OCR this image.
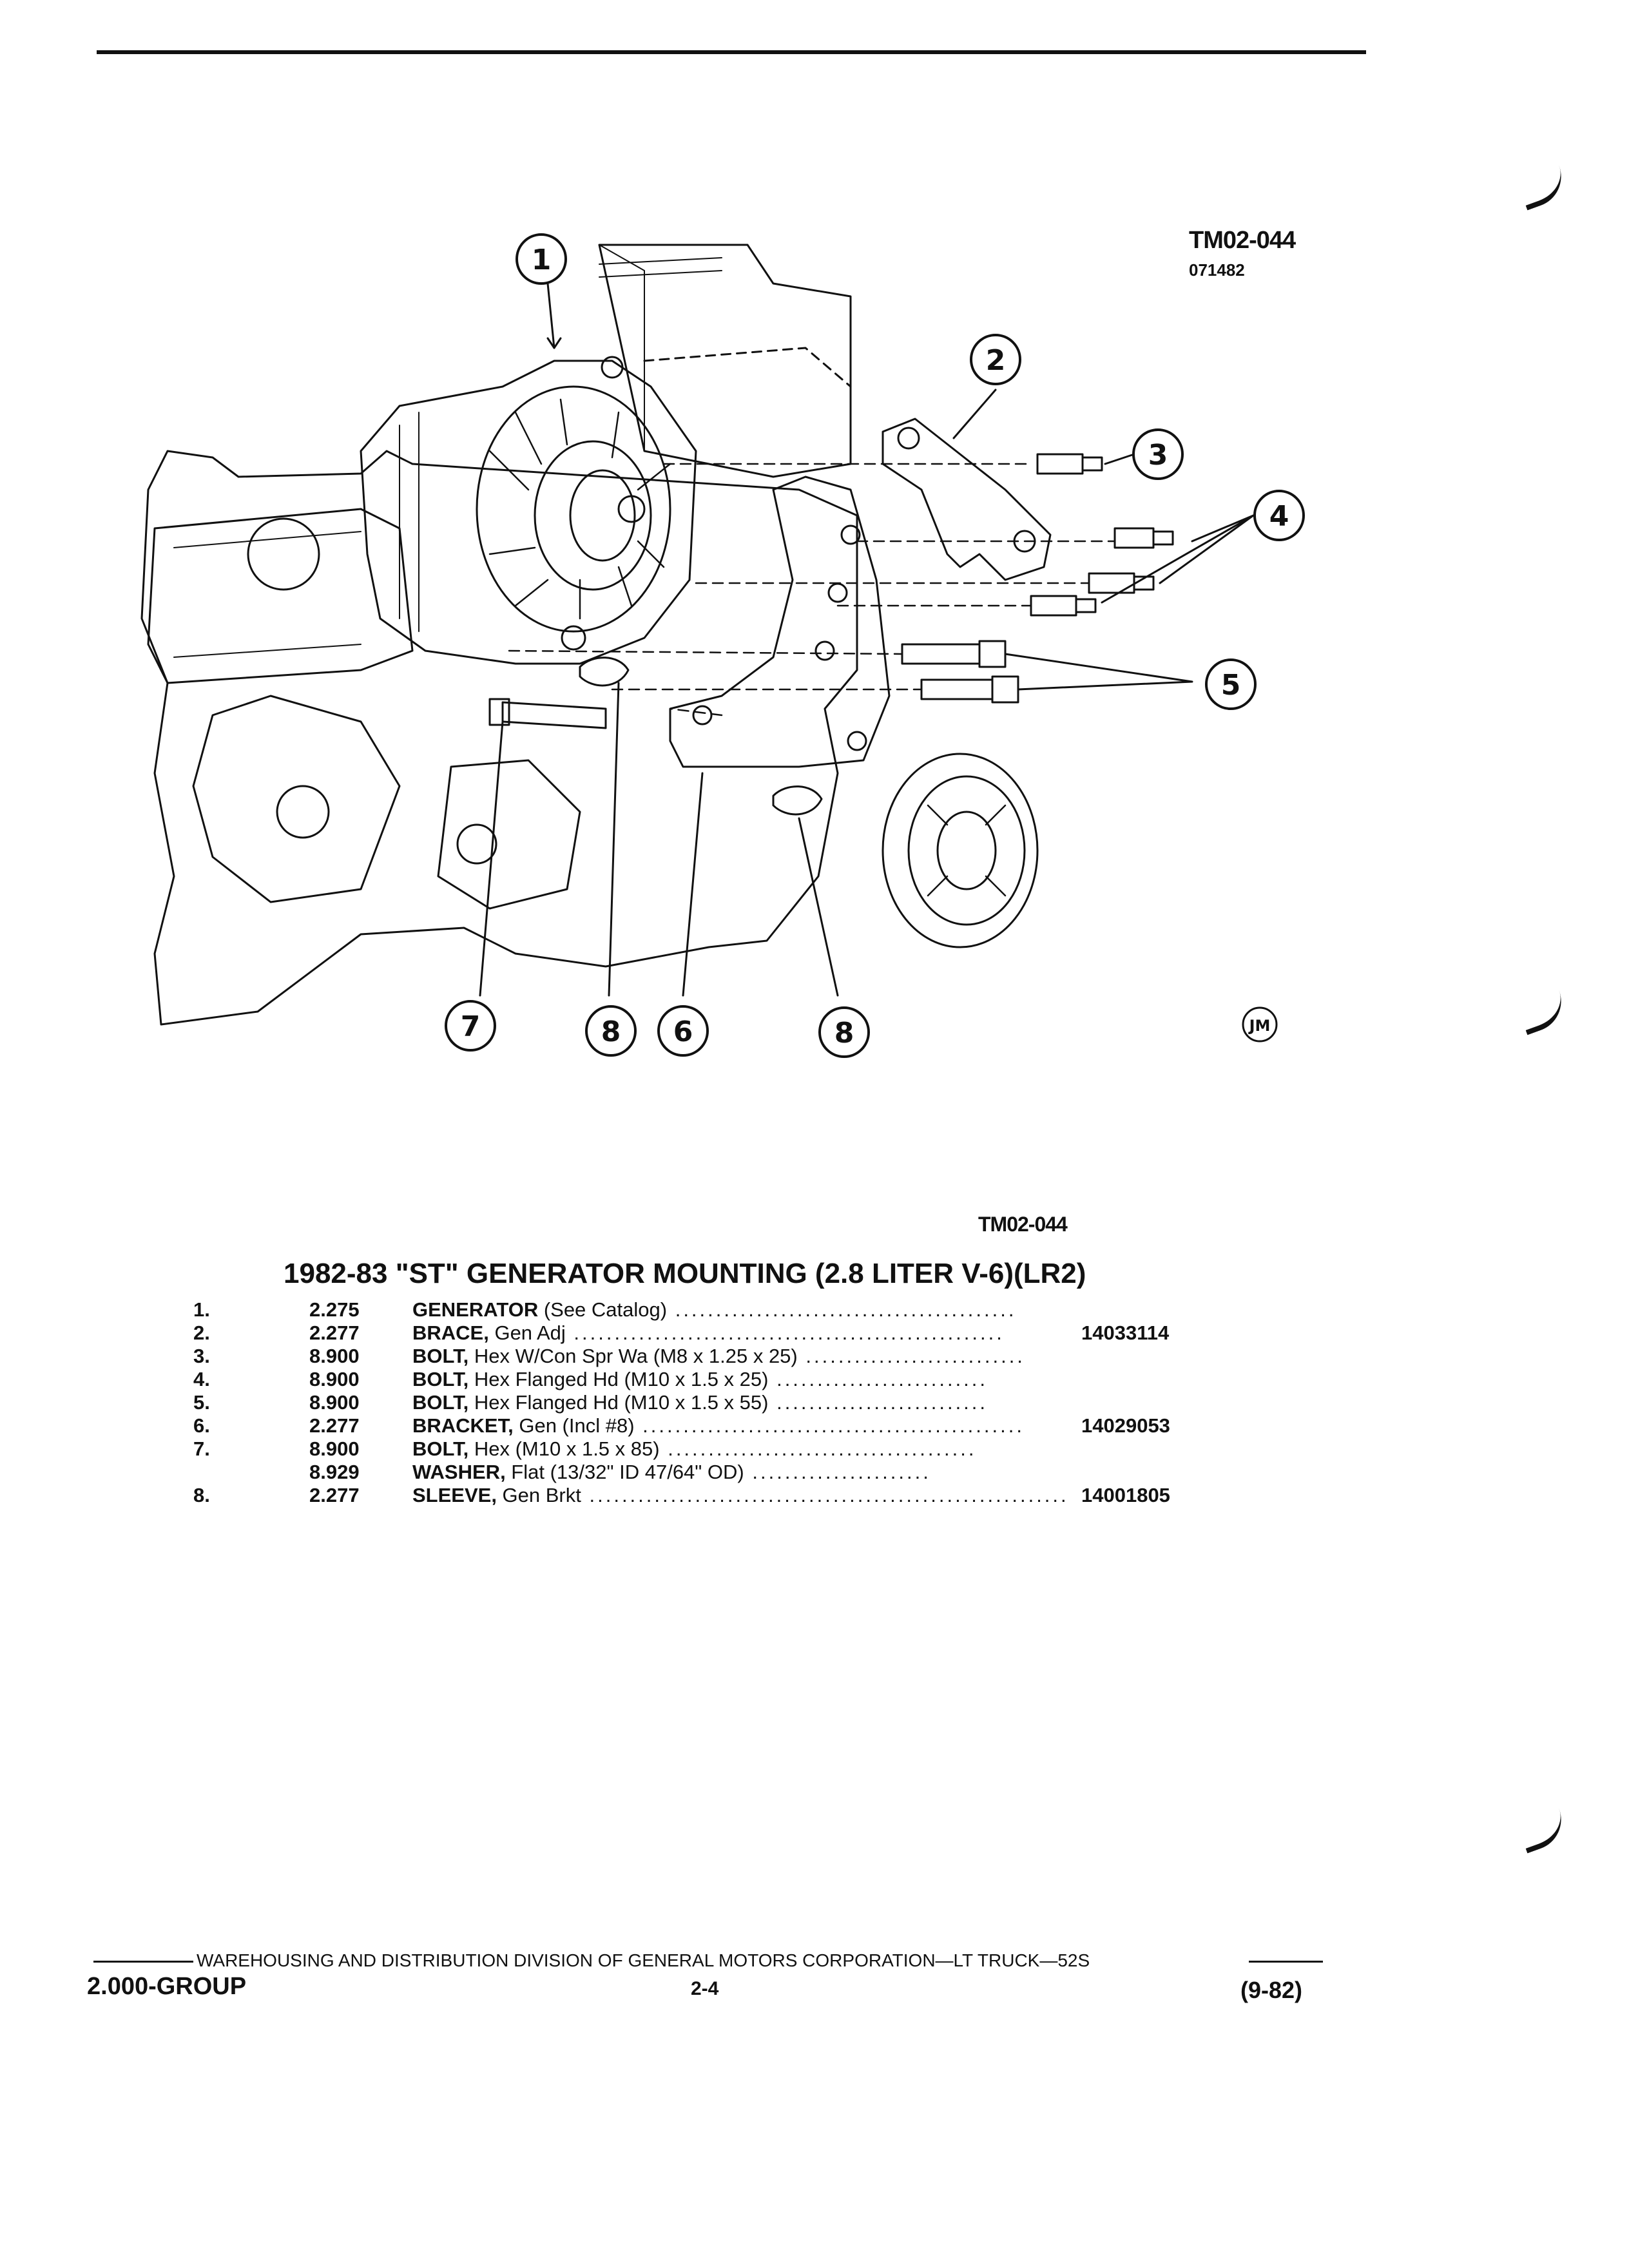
TM02-044
071482
1
2
3
4
5
6
7	8	8	JM
TM02-044
1982-83 "ST" GENERATOR MOUNTING (2.8 LITER V-6)(LR2)
1.	2.275	GENERATOR (See Catalog) ..........................................
2.	2.277	BRACE, Gen Adj .....................................................	14033114
3.	8.900	BOLT, Hex W/Con Spr Wa (M8 x 1.25 x 25) ...........................
4.	8.900	BOLT, Hex Flanged Hd (M10 x 1.5 x 25) ..........................
5.	8.900	BOLT, Hex Flanged Hd (M10 x 1.5 x 55) ..........................
6.	2.277	BRACKET, Gen (Incl #8) ...............................................	14029053
7.	8.900	BOLT, Hex (M10 x 1.5 x 85) ......................................
8.929	WASHER, Flat (13/32" ID 47/64" OD) ......................
8.	2.277	SLEEVE, Gen Brkt ........................................................... 14001805
WAREHOUSING AND DISTRIBUTION DIVISION OF GENERAL MOTORS CORPORATION—LT TRUCK—52S
2.000-GROUP	2-4	(9-82)
